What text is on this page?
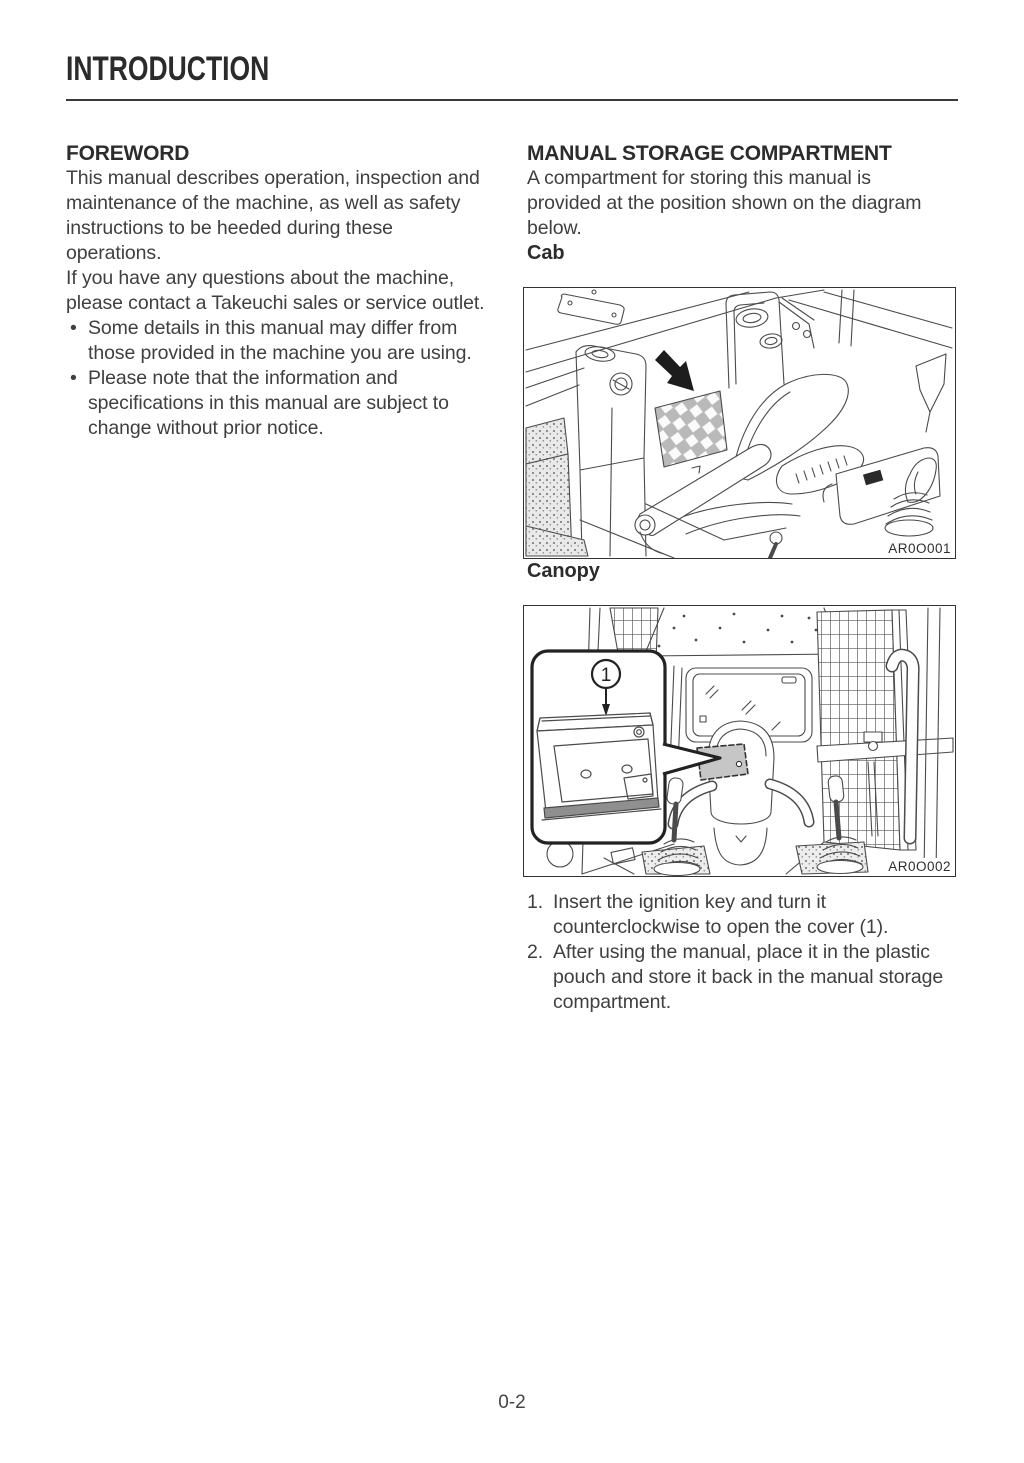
INTRODUCTION
FOREWORD

This manual describes operation, inspection and maintenance of the machine, as well as safety instructions to be heeded during these operations.

If you have any questions about the machine, please contact a Takeuchi sales or service outlet.

• Some details in this manual may differ from those provided in the machine you are using.
• Please note that the information and specifications in this manual are subject to change without prior notice.
MANUAL STORAGE COMPARTMENT

A compartment for storing this manual is provided at the position shown on the diagram below.

Cab
AR0O001
Canopy
1
AR0O002
1. Insert the ignition key and turn it counterclockwise to open the cover (1).
2. After using the manual, place it in the plastic pouch and store it back in the manual storage compartment.
0-2
